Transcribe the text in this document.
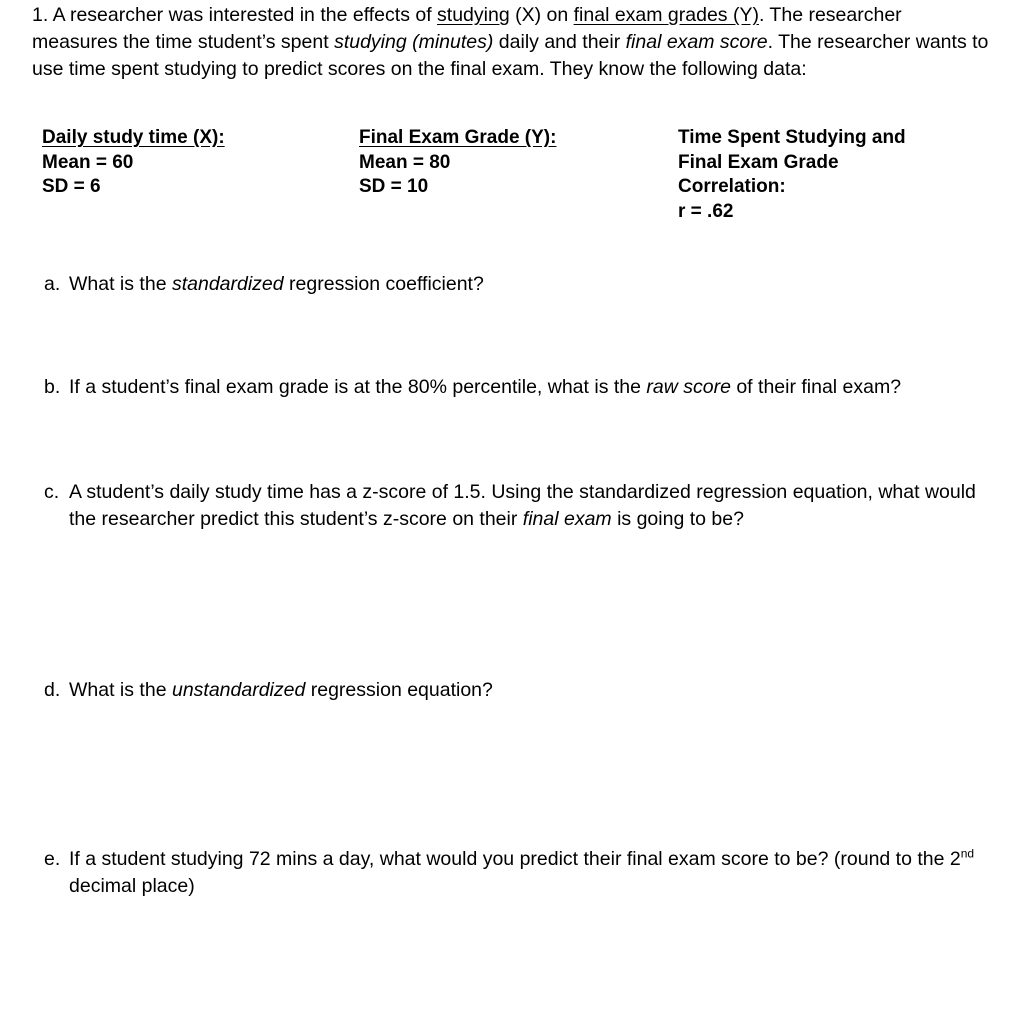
1. A researcher was interested in the effects of studying (X) on final exam grades (Y). The researcher measures the time student’s spent studying (minutes) daily and their final exam score. The researcher wants to use time spent studying to predict scores on the final exam. They know the following data:

Daily study time (X):
Mean = 60
SD = 6
Final Exam Grade (Y):
Mean = 80
SD = 10
Time Spent Studying and
Final Exam Grade
Correlation:
r = .62
a. What is the standardized regression coefficient?
b. If a student’s final exam grade is at the 80% percentile, what is the raw score of their final exam?
c. A student’s daily study time has a z-score of 1.5. Using the standardized regression equation, what would the researcher predict this student’s z-score on their final exam is going to be?
d. What is the unstandardized regression equation?
e. If a student studying 72 mins a day, what would you predict their final exam score to be? (round to the 2nd decimal place)
